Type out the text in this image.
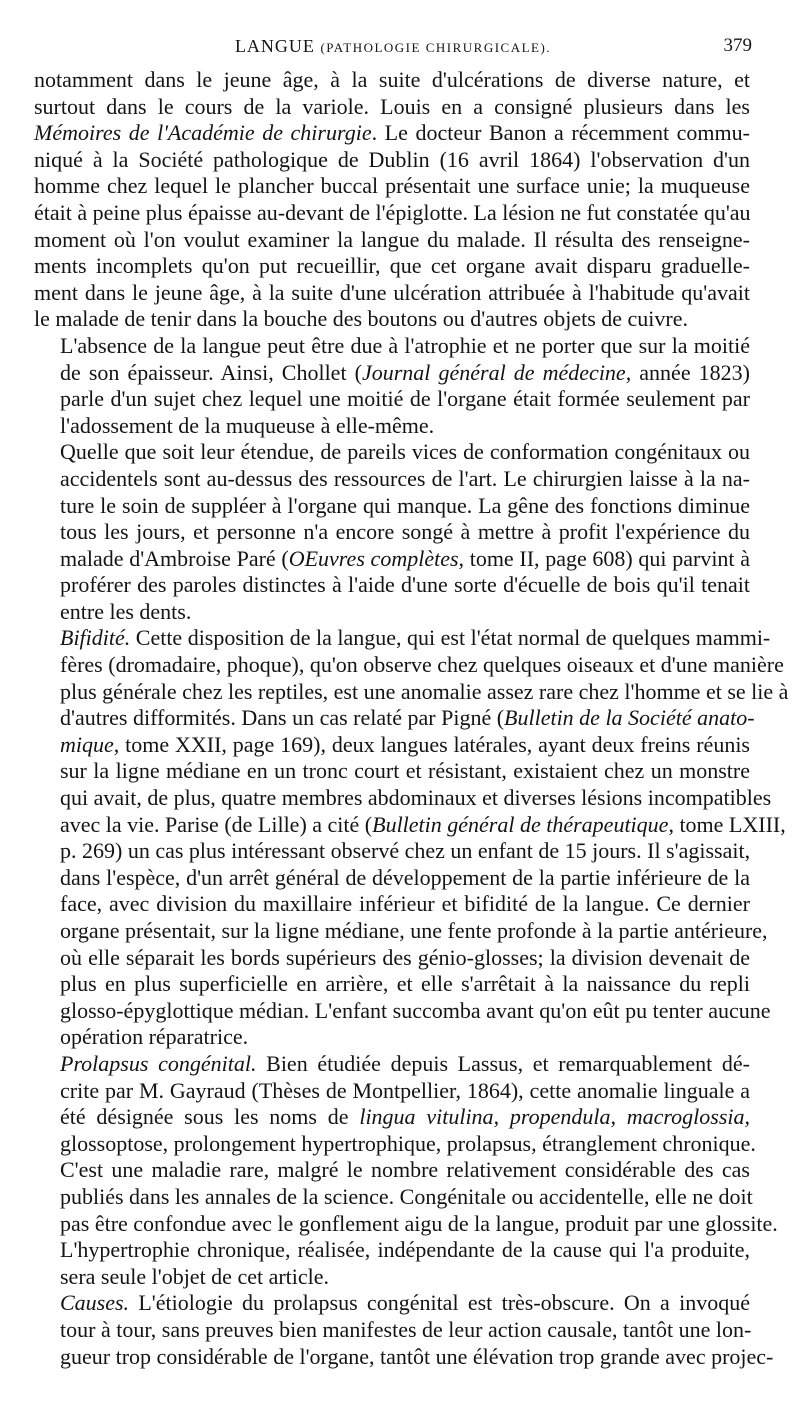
LANGUE (PATHOLOGIE CHIRURGICALE).	379

notamment dans le jeune âge, à la suite d'ulcérations de diverse nature, et
surtout dans le cours de la variole. Louis en a consigné plusieurs dans les
Mémoires de l'Académie de chirurgie. Le docteur Banon a récemment commu-
niqué à la Société pathologique de Dublin (16 avril 1864) l'observation d'un
homme chez lequel le plancher buccal présentait une surface unie; la muqueuse
était à peine plus épaisse au-devant de l'épiglotte. La lésion ne fut constatée qu'au
moment où l'on voulut examiner la langue du malade. Il résulta des renseigne-
ments incomplets qu'on put recueillir, que cet organe avait disparu graduelle-
ment dans le jeune âge, à la suite d'une ulcération attribuée à l'habitude qu'avait
le malade de tenir dans la bouche des boutons ou d'autres objets de cuivre.

L'absence de la langue peut être due à l'atrophie et ne porter que sur la moitié
de son épaisseur. Ainsi, Chollet (Journal général de médecine, année 1823)
parle d'un sujet chez lequel une moitié de l'organe était formée seulement par
l'adossement de la muqueuse à elle-même.

Quelle que soit leur étendue, de pareils vices de conformation congénitaux ou
accidentels sont au-dessus des ressources de l'art. Le chirurgien laisse à la na-
ture le soin de suppléer à l'organe qui manque. La gêne des fonctions diminue
tous les jours, et personne n'a encore songé à mettre à profit l'expérience du
malade d'Ambroise Paré (OEuvres complètes, tome II, page 608) qui parvint à
proférer des paroles distinctes à l'aide d'une sorte d'écuelle de bois qu'il tenait
entre les dents.

Bifidité. Cette disposition de la langue, qui est l'état normal de quelques mammi-
fères (dromadaire, phoque), qu'on observe chez quelques oiseaux et d'une manière
plus générale chez les reptiles, est une anomalie assez rare chez l'homme et se lie à
d'autres difformités. Dans un cas relaté par Pigné (Bulletin de la Société anato-
mique, tome XXII, page 169), deux langues latérales, ayant deux freins réunis
sur la ligne médiane en un tronc court et résistant, existaient chez un monstre
qui avait, de plus, quatre membres abdominaux et diverses lésions incompatibles
avec la vie. Parise (de Lille) a cité (Bulletin général de thérapeutique, tome LXIII,
p. 269) un cas plus intéressant observé chez un enfant de 15 jours. Il s'agissait,
dans l'espèce, d'un arrêt général de développement de la partie inférieure de la
face, avec division du maxillaire inférieur et bifidité de la langue. Ce dernier
organe présentait, sur la ligne médiane, une fente profonde à la partie antérieure,
où elle séparait les bords supérieurs des génio-glosses; la division devenait de
plus en plus superficielle en arrière, et elle s'arrêtait à la naissance du repli
glosso-épyglottique médian. L'enfant succomba avant qu'on eût pu tenter aucune
opération réparatrice.

Prolapsus congénital. Bien étudiée depuis Lassus, et remarquablement dé-
crite par M. Gayraud (Thèses de Montpellier, 1864), cette anomalie linguale a
été désignée sous les noms de lingua vitulina, propendula, macroglossia,
glossoptose, prolongement hypertrophique, prolapsus, étranglement chronique.
C'est une maladie rare, malgré le nombre relativement considérable des cas
publiés dans les annales de la science. Congénitale ou accidentelle, elle ne doit
pas être confondue avec le gonflement aigu de la langue, produit par une glossite.
L'hypertrophie chronique, réalisée, indépendante de la cause qui l'a produite,
sera seule l'objet de cet article.

Causes. L'étiologie du prolapsus congénital est très-obscure. On a invoqué
tour à tour, sans preuves bien manifestes de leur action causale, tantôt une lon-
gueur trop considérable de l'organe, tantôt une élévation trop grande avec projec-
